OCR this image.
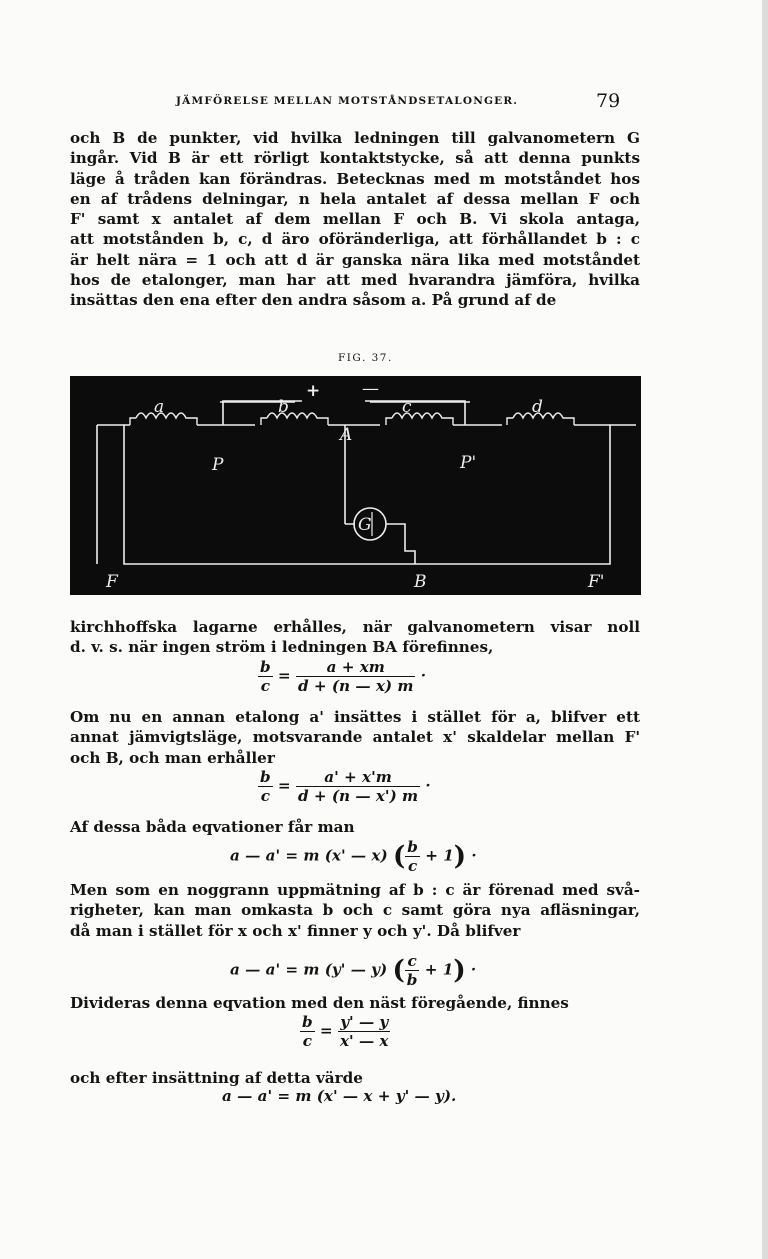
JÄMFÖRELSE MELLAN MOTSTÅNDSETALONGER.	79

och B de punkter, vid hvilka ledningen till galvanometern G

ingår. Vid B är ett rörligt kontaktstycke, så att denna punkts

läge å tråden kan förändras. Betecknas med m motståndet hos

en af trådens delningar, n hela antalet af dessa mellan F och

F' samt x antalet af dem mellan F och B. Vi skola antaga,

att motstånden b, c, d äro oföränderliga, att förhållandet b : c

är helt nära = 1 och att d är ganska nära lika med motståndet

hos de etalonger, man har att med hvarandra jämföra, hvilka

insättas den ena efter den andra såsom a. På grund af de

FIG. 37.
+ —
a	b	c	d
A
P	P'
G
F	B	F'

kirchhoffska lagarne erhålles, när galvanometern visar noll

d. v. s. när ingen ström i ledningen BA förefinnes,

$\frac{b}{c} = \frac{a + xm}{d + (n — x) m}$ ·

Om nu en annan etalong a' insättes i stället för a, blifver ett

annat jämvigtsläge, motsvarande antalet x' skaldelar mellan F'

och B, och man erhåller

$\frac{b}{c} = \frac{a' + x'm}{d + (n — x') m}$ ·

Af dessa båda eqvationer får man

a — a' = m (x' — x) ( $\frac{b}{c} + 1$) ·

Men som en noggrann uppmätning af b : c är förenad med svå-

righeter, kan man omkasta b och c samt göra nya afläsningar,

då man i stället för x och x' finner y och y'. Då blifver

a — a' = m (y' — y) ( $\frac{c}{b} + 1$) ·

Divideras denna eqvation med den näst föregående, finnes

$\frac{b}{c} = \frac{y' — y}{x' — x}$

och efter insättning af detta värde

a — a' = m (x' — x + y' — y).
